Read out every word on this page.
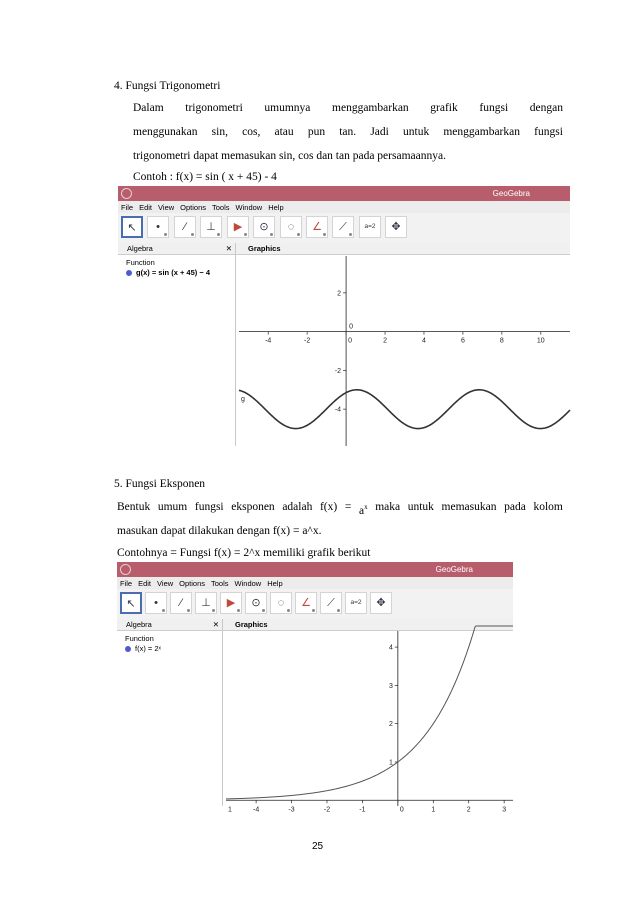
4. Fungsi Trigonometri
Dalam trigonometri umumnya menggambarkan grafik fungsi dengan
menggunakan sin, cos, atau pun tan. Jadi untuk menggambarkan fungsi
trigonometri dapat memasukan sin, cos dan tan pada persamaannya.
Contoh : f(x) = sin ( x + 45) - 4
GeoGebra
File Edit View Options Tools Window Help
↖	•	⁄	⊥	▶	⊙	◌	∠	⟋	a=2	✥
Algebra	✕	Graphics
Function
g(x) = sin (x + 45) − 4
-4	-2	0	2	4	6	8	10
2
-2
-4
0
g
5. Fungsi Eksponen
Bentuk umum fungsi eksponen adalah $f(x) = a^x$ maka untuk memasukan pada kolom
masukan dapat dilakukan dengan f(x) = a^x.
Contohnya = Fungsi f(x) = 2^x memiliki grafik berikut
GeoGebra
File Edit View Options Tools Window Help
↖	•	⁄	⊥	▶	⊙	◌	∠	⟋	a=2	✥
Algebra	✕	Graphics
Function
f(x) = 2ˣ
-4	-3	-2	-1	0	1	2	3
1
2
3
4
1
25
